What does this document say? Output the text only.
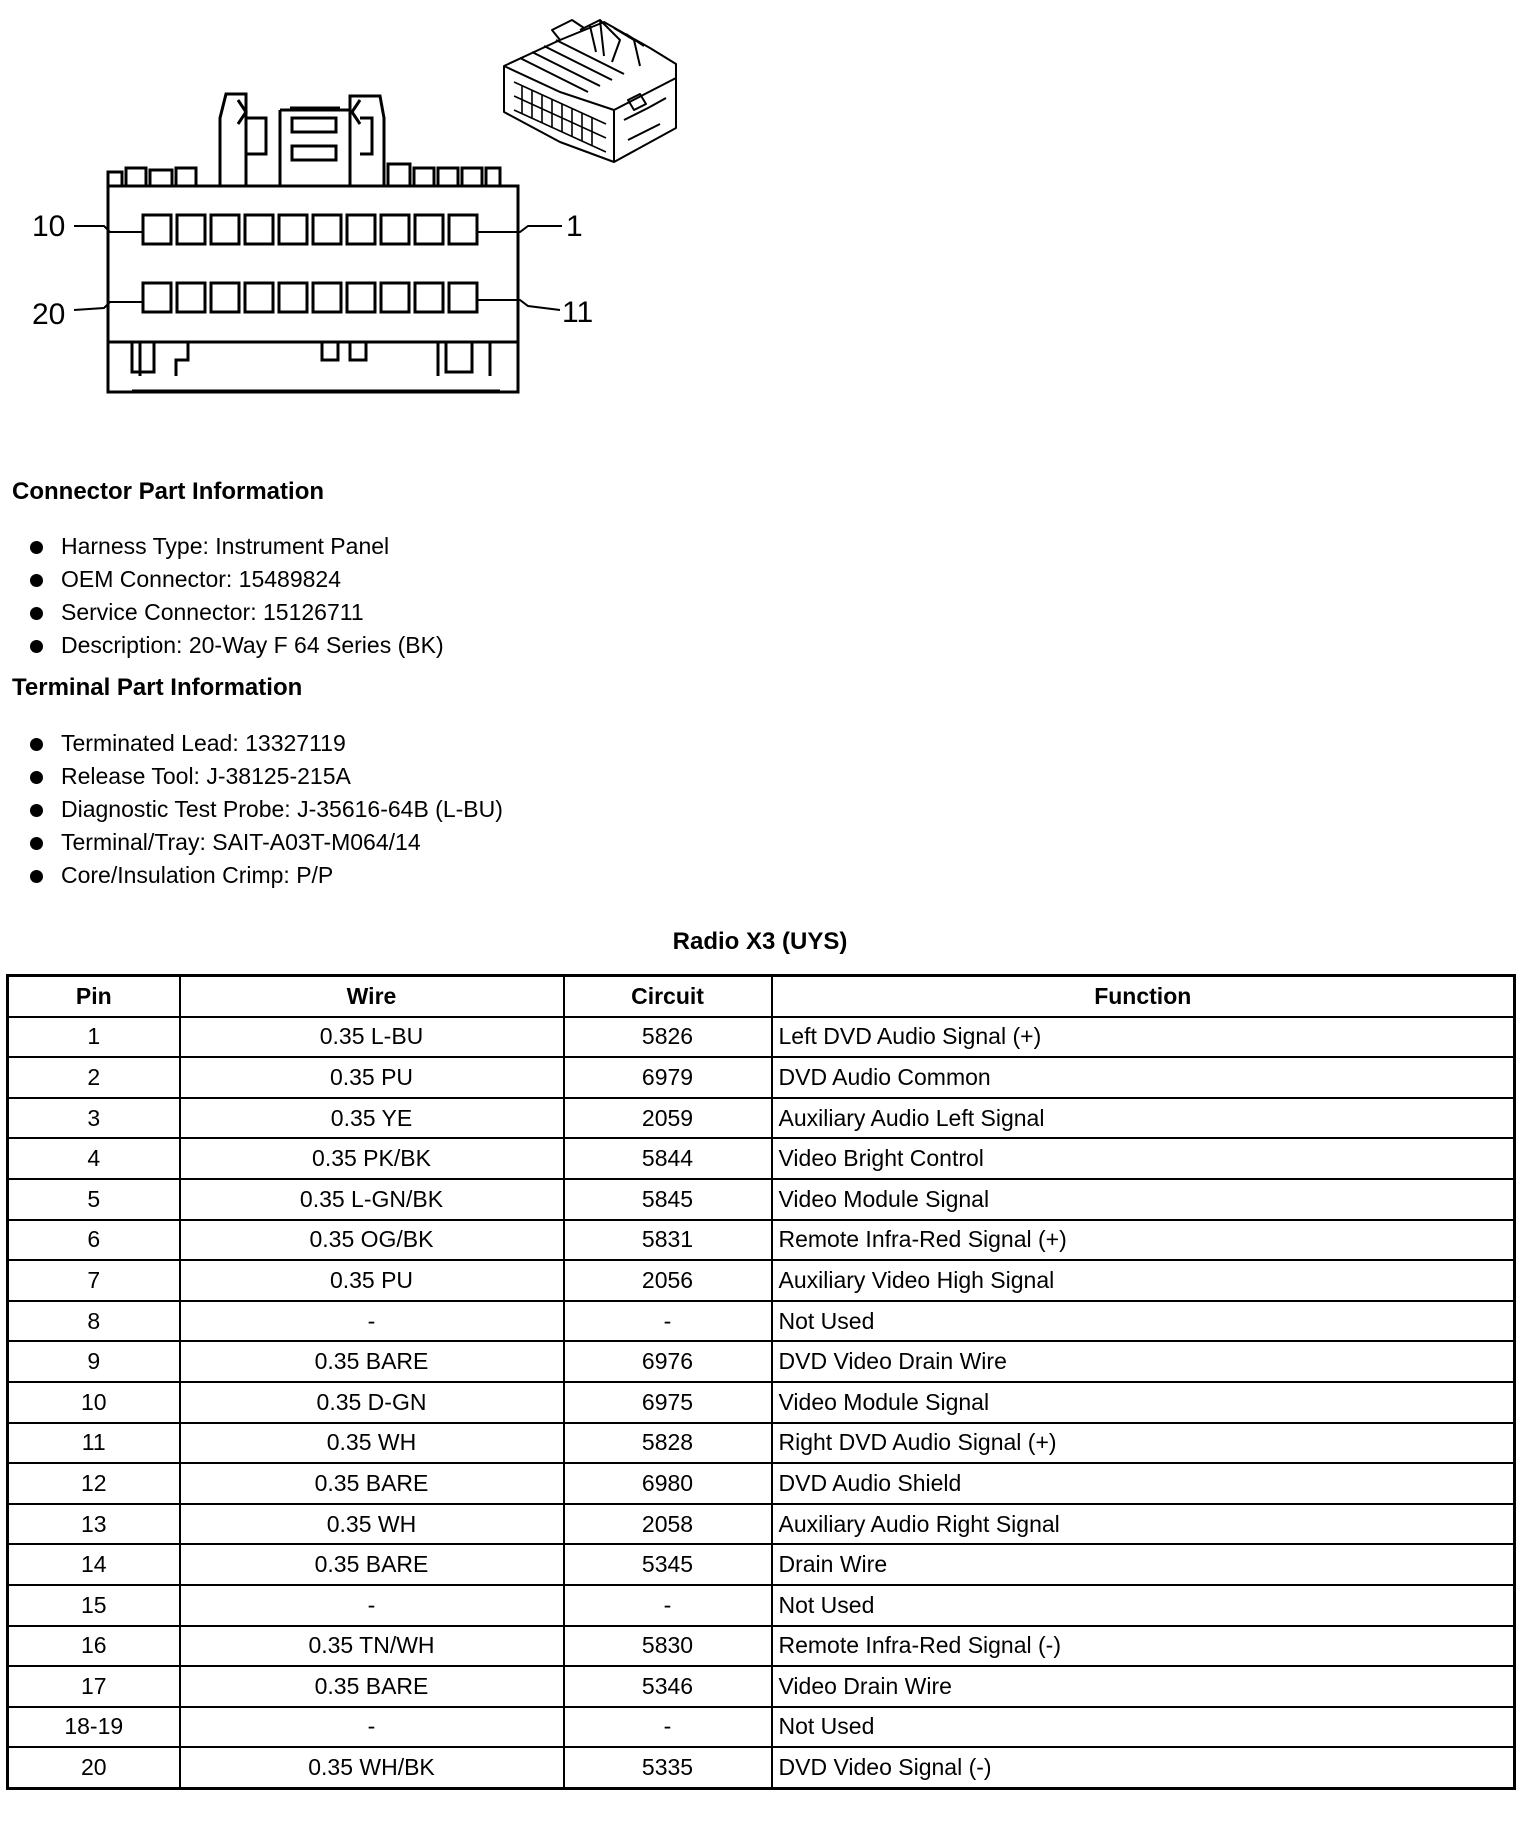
10	1
20	11
Connector Part Information
Harness Type: Instrument Panel
OEM Connector: 15489824
Service Connector: 15126711
Description: 20-Way F 64 Series (BK)
Terminal Part Information
Terminated Lead: 13327119
Release Tool: J-38125-215A
Diagnostic Test Probe: J-35616-64B (L-BU)
Terminal/Tray: SAIT-A03T-M064/14
Core/Insulation Crimp: P/P
Radio X3 (UYS)
Pin	Wire	Circuit	Function
1	0.35 L-BU	5826	Left DVD Audio Signal (+)
2	0.35 PU	6979	DVD Audio Common
3	0.35 YE	2059	Auxiliary Audio Left Signal
4	0.35 PK/BK	5844	Video Bright Control
5	0.35 L-GN/BK	5845	Video Module Signal
6	0.35 OG/BK	5831	Remote Infra-Red Signal (+)
7	0.35 PU	2056	Auxiliary Video High Signal
8	-	-	Not Used
9	0.35 BARE	6976	DVD Video Drain Wire
10	0.35 D-GN	6975	Video Module Signal
11	0.35 WH	5828	Right DVD Audio Signal (+)
12	0.35 BARE	6980	DVD Audio Shield
13	0.35 WH	2058	Auxiliary Audio Right Signal
14	0.35 BARE	5345	Drain Wire
15	-	-	Not Used
16	0.35 TN/WH	5830	Remote Infra-Red Signal (-)
17	0.35 BARE	5346	Video Drain Wire
18-19	-	-	Not Used
20	0.35 WH/BK	5335	DVD Video Signal (-)
